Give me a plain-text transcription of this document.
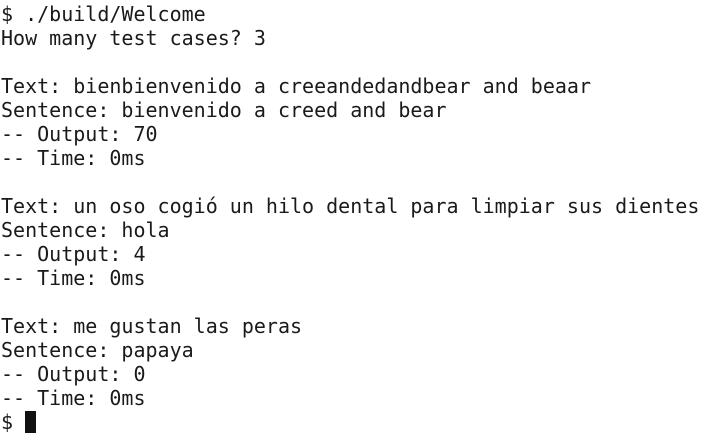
$ ./build/Welcome
How many test cases? 3
Text: bienbienvenido a creeandedandbear and beaar
Sentence: bienvenido a creed and bear
-- Output: 70
-- Time: 0ms
Text: un oso cogió un hilo dental para limpiar sus dientes
Sentence: hola
-- Output: 4
-- Time: 0ms
Text: me gustan las peras
Sentence: papaya
-- Output: 0
-- Time: 0ms
$
